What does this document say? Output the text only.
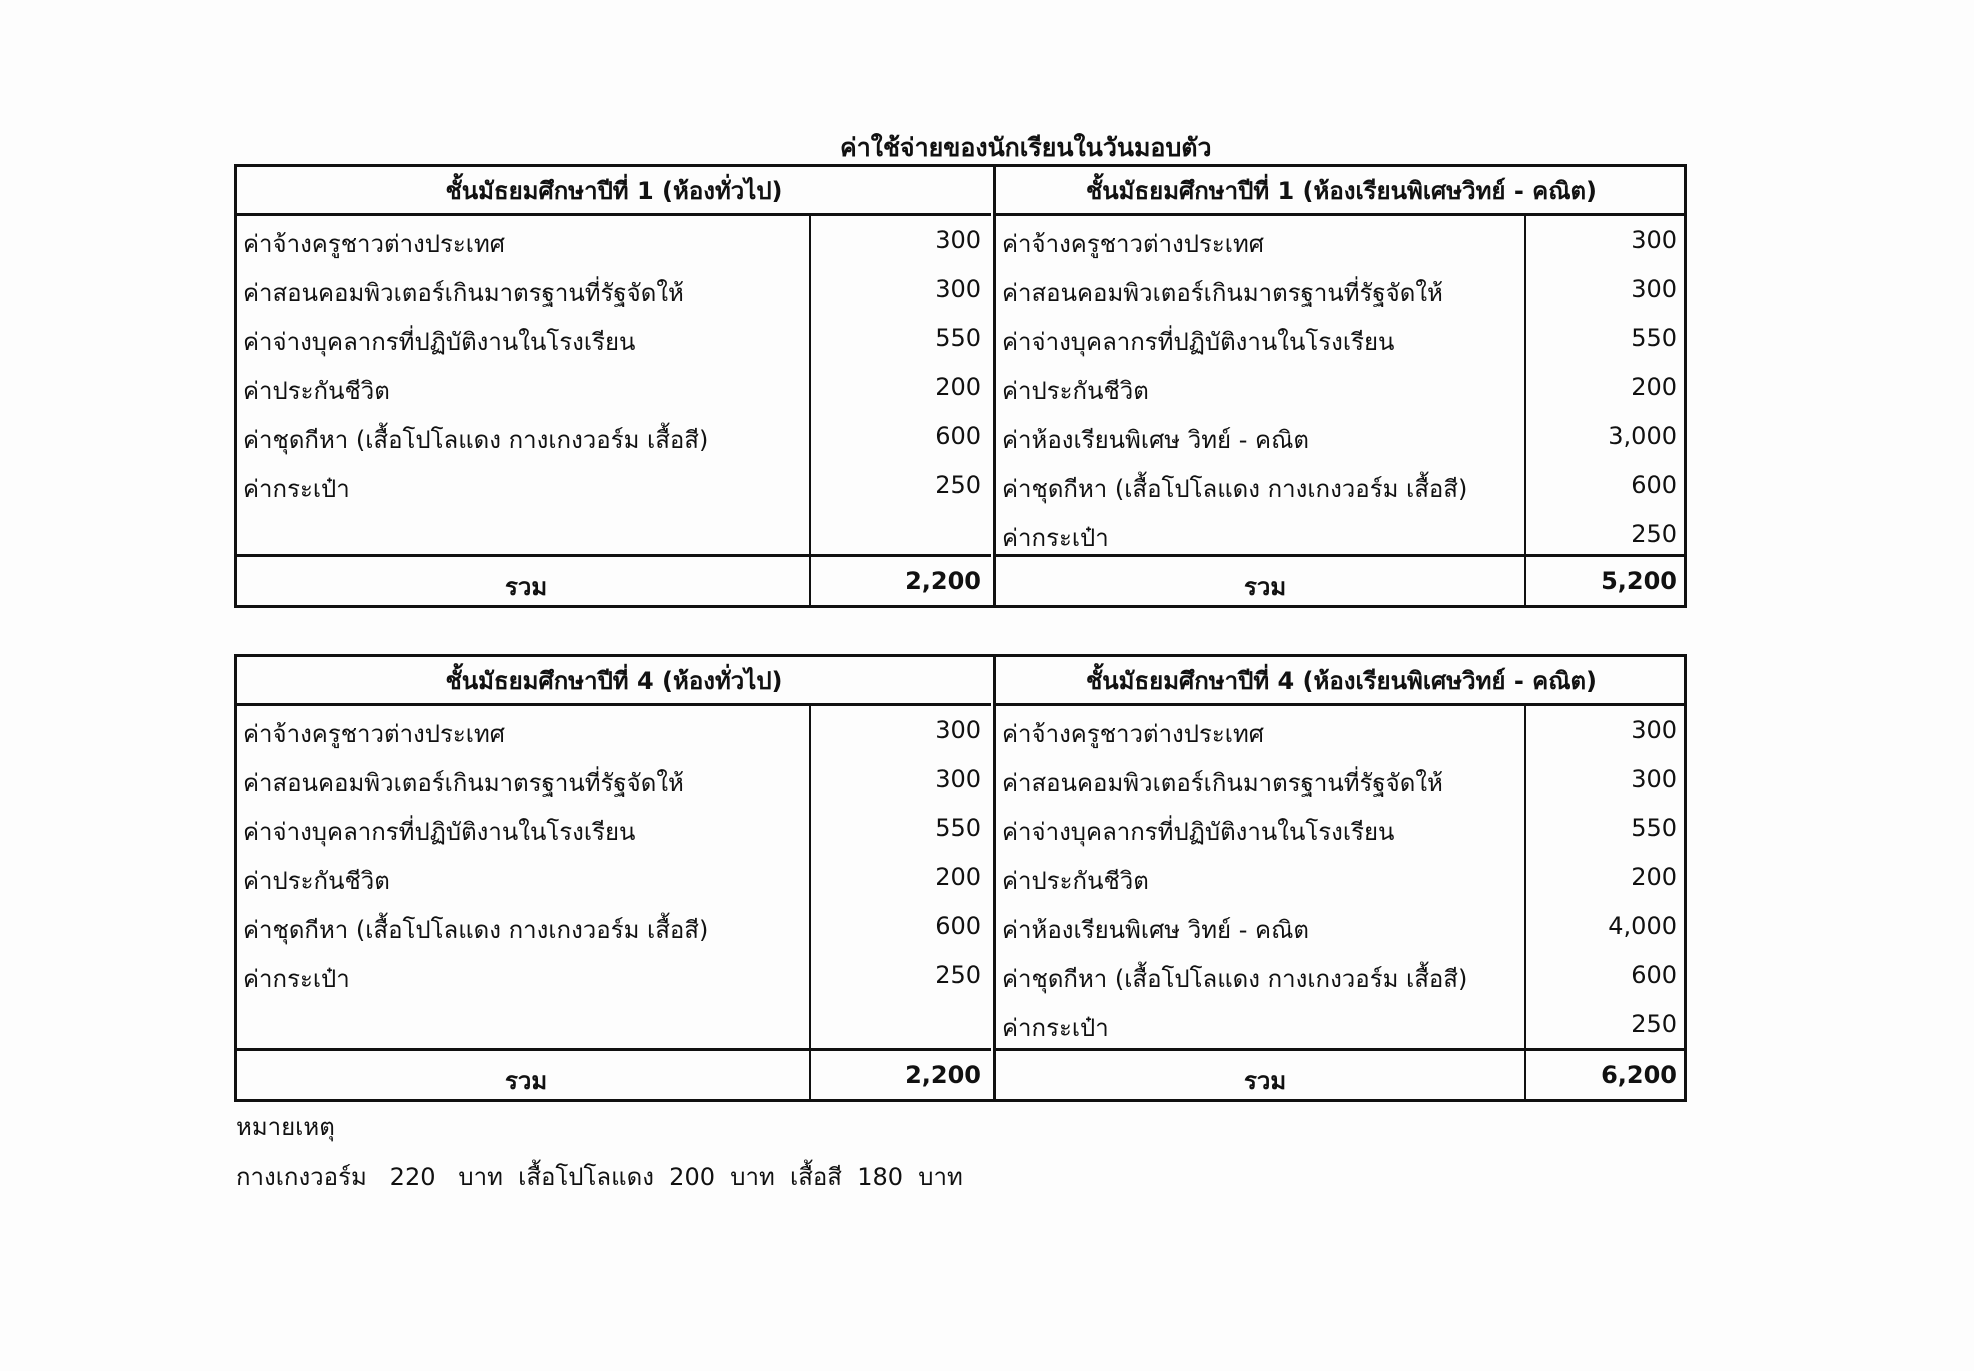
ค่าใช้จ่ายของนักเรียนในวันมอบตัว
ชั้นมัธยมศึกษาปีที่ 1 (ห้องทั่วไป)
ค่าจ้างครูชาวต่างประเทศ	300
ค่าสอนคอมพิวเตอร์เกินมาตรฐานที่รัฐจัดให้	300
ค่าจ่างบุคลากรที่ปฏิบัติงานในโรงเรียน	550
ค่าประกันชีวิต	200
ค่าชุดกีหา (เสื้อโปโลแดง กางเกงวอร์ม เสื้อสี)	600
ค่ากระเป๋า	250
รวม	2,200
ชั้นมัธยมศึกษาปีที่ 1 (ห้องเรียนพิเศษวิทย์ - คณิต)
ค่าจ้างครูชาวต่างประเทศ	300
ค่าสอนคอมพิวเตอร์เกินมาตรฐานที่รัฐจัดให้	300
ค่าจ่างบุคลากรที่ปฏิบัติงานในโรงเรียน	550
ค่าประกันชีวิต	200
ค่าห้องเรียนพิเศษ วิทย์ - คณิต	3,000
ค่าชุดกีหา (เสื้อโปโลแดง กางเกงวอร์ม เสื้อสี)	600
ค่ากระเป๋า	250
รวม	5,200
ชั้นมัธยมศึกษาปีที่ 4 (ห้องทั่วไป)
ค่าจ้างครูชาวต่างประเทศ	300
ค่าสอนคอมพิวเตอร์เกินมาตรฐานที่รัฐจัดให้	300
ค่าจ่างบุคลากรที่ปฏิบัติงานในโรงเรียน	550
ค่าประกันชีวิต	200
ค่าชุดกีหา (เสื้อโปโลแดง กางเกงวอร์ม เสื้อสี)	600
ค่ากระเป๋า	250
รวม	2,200
ชั้นมัธยมศึกษาปีที่ 4 (ห้องเรียนพิเศษวิทย์ - คณิต)
ค่าจ้างครูชาวต่างประเทศ	300
ค่าสอนคอมพิวเตอร์เกินมาตรฐานที่รัฐจัดให้	300
ค่าจ่างบุคลากรที่ปฏิบัติงานในโรงเรียน	550
ค่าประกันชีวิต	200
ค่าห้องเรียนพิเศษ วิทย์ - คณิต	4,000
ค่าชุดกีหา (เสื้อโปโลแดง กางเกงวอร์ม เสื้อสี)	600
ค่ากระเป๋า	250
รวม	6,200
หมายเหตุ
กางเกงวอร์ม   220   บาท  เสื้อโปโลแดง  200  บาท  เสื้อสี  180  บาท
